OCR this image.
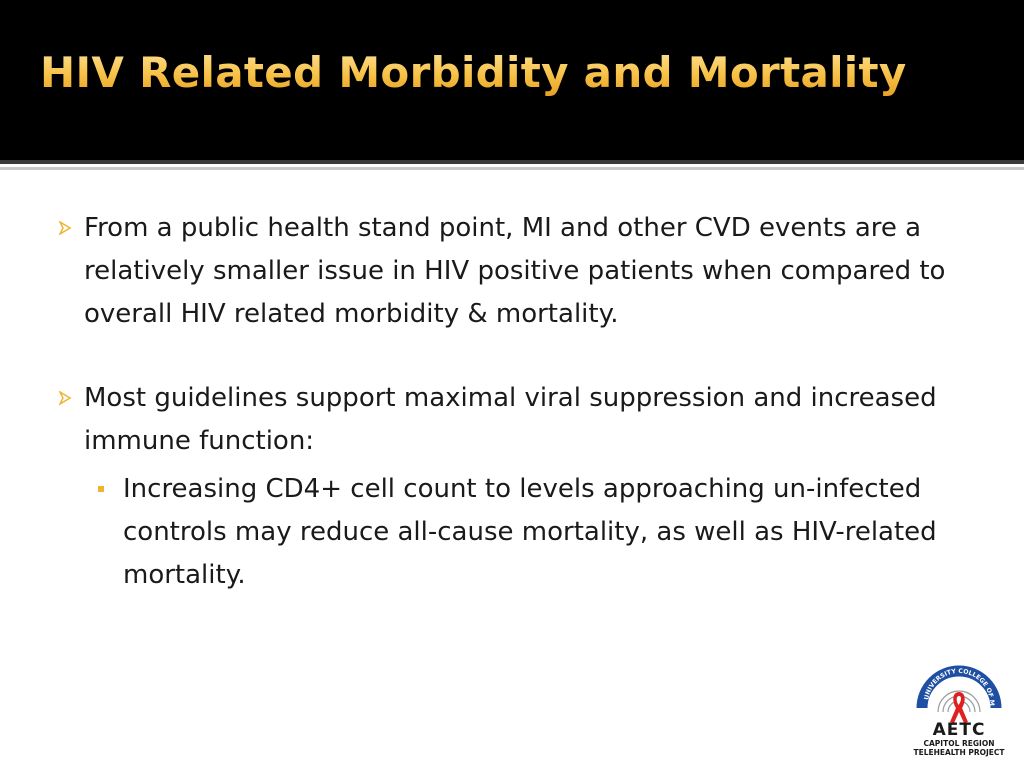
HIV Related Morbidity and Mortality
From a public health stand point, MI and other CVD events are a relatively smaller issue in HIV positive patients when compared to overall HIV related morbidity & mortality.
Most guidelines support maximal viral suppression and increased immune function:
Increasing CD4+ cell count to levels approaching un-infected controls may reduce all-cause mortality, as well as HIV-related mortality.
UNIVERSITY COLLEGE OF M
AETC
CAPITOL REGION
TELEHEALTH PROJECT
